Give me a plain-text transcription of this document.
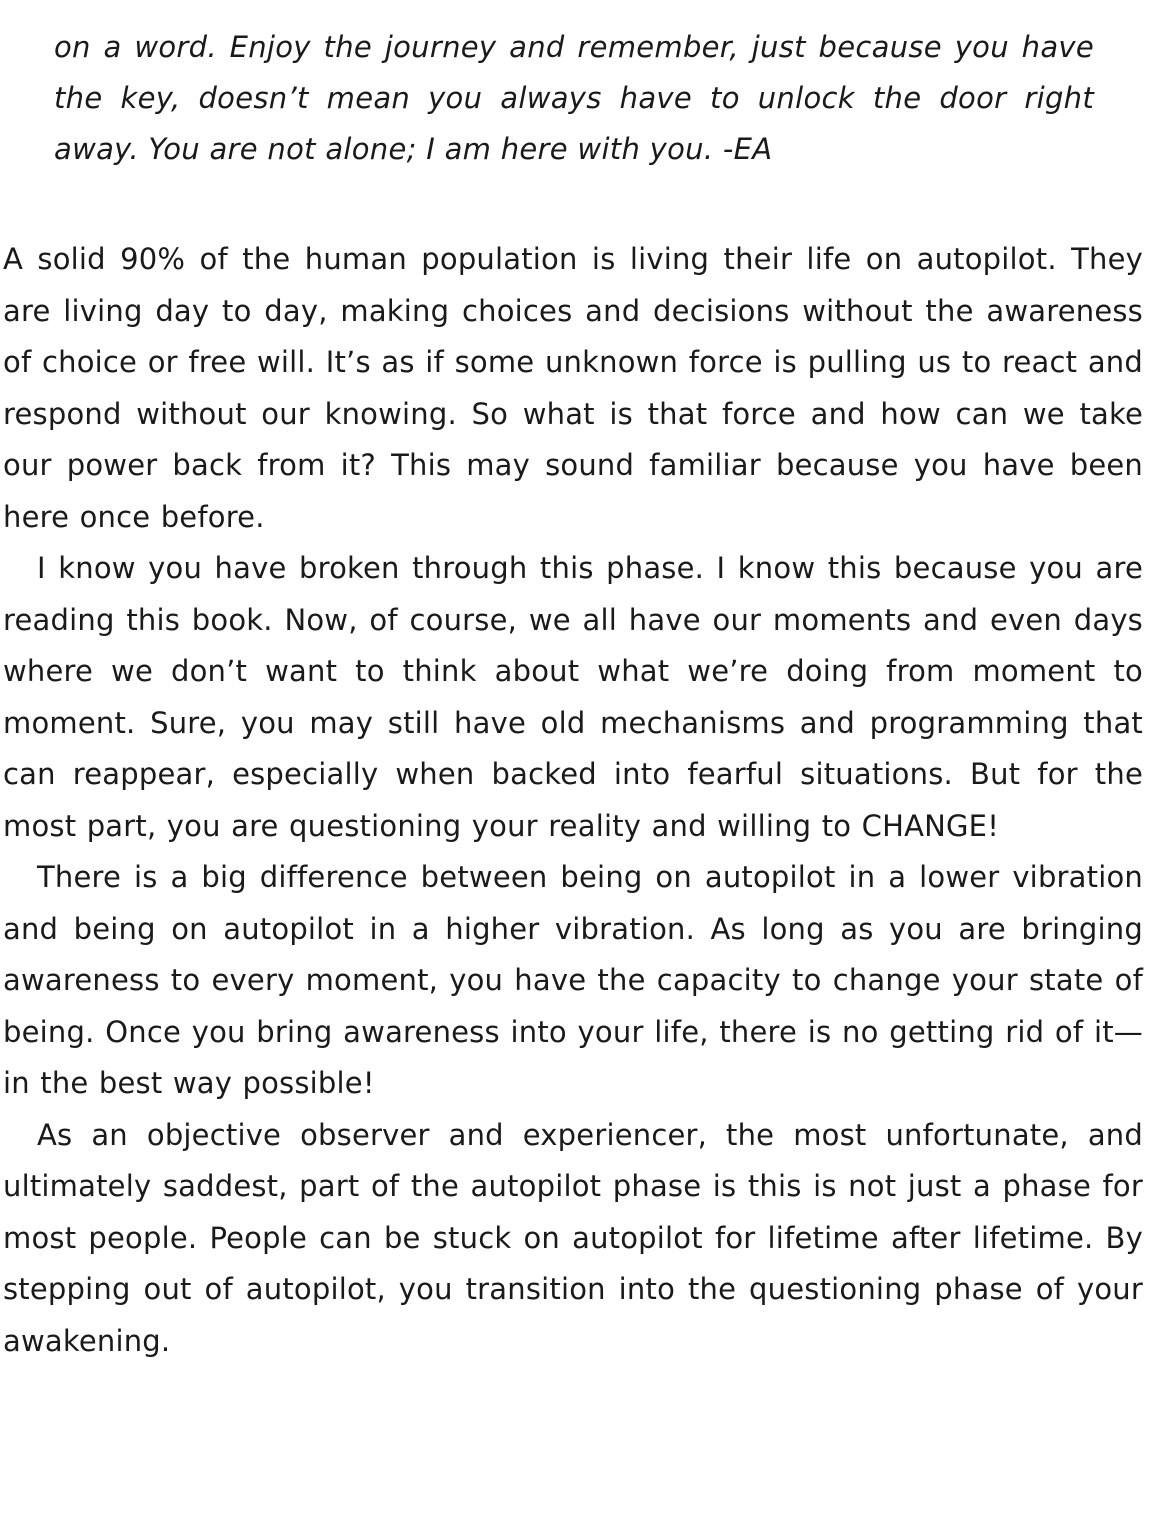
on a word. Enjoy the journey and remember, just because you have the key, doesn’t mean you always have to unlock the door right away. You are not alone; I am here with you. -EA

A solid 90% of the human population is living their life on autopilot. They are living day to day, making choices and decisions without the awareness of choice or free will. It’s as if some unknown force is pulling us to react and respond without our knowing. So what is that force and how can we take our power back from it? This may sound familiar because you have been here once before.

I know you have broken through this phase. I know this because you are reading this book. Now, of course, we all have our moments and even days where we don’t want to think about what we’re doing from moment to moment. Sure, you may still have old mechanisms and programming that can reappear, especially when backed into fearful situations. But for the most part, you are questioning your reality and willing to CHANGE!

There is a big difference between being on autopilot in a lower vibration and being on autopilot in a higher vibration. As long as you are bringing awareness to every moment, you have the capacity to change your state of being. Once you bring awareness into your life, there is no getting rid of it—in the best way possible!

As an objective observer and experiencer, the most unfortunate, and ultimately saddest, part of the autopilot phase is this is not just a phase for most people. People can be stuck on autopilot for lifetime after lifetime. By stepping out of autopilot, you transition into the questioning phase of your awakening.
